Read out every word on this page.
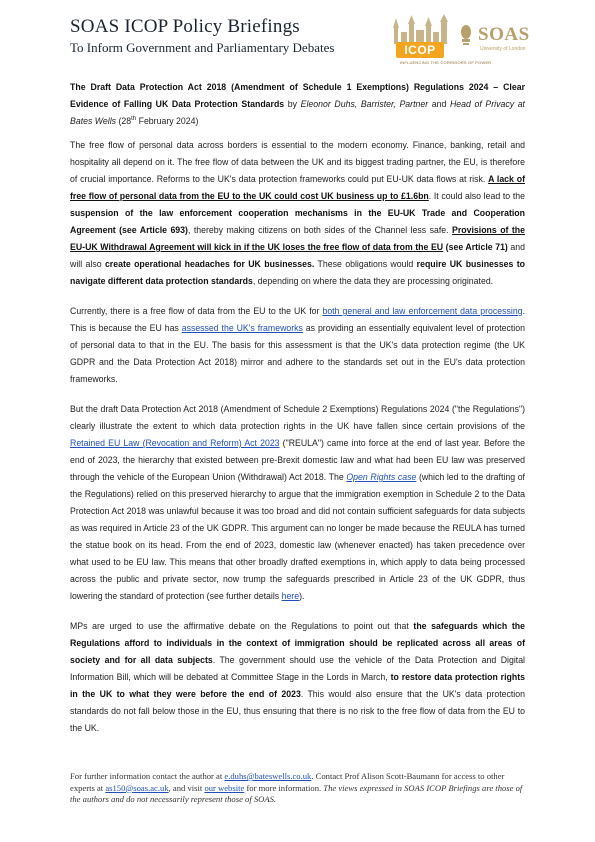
SOAS ICOP Policy Briefings
To Inform Government and Parliamentary Debates	ICOP
INFLUENCING THE CORRIDORS OF POWER
SOAS
University of London

The Draft Data Protection Act 2018 (Amendment of Schedule 1 Exemptions) Regulations 2024 – Clear Evidence of Falling UK Data Protection Standards by Eleonor Duhs, Barrister, Partner and Head of Privacy at Bates Wells (28th February 2024)

The free flow of personal data across borders is essential to the modern economy. Finance, banking, retail and hospitality all depend on it. The free flow of data between the UK and its biggest trading partner, the EU, is therefore of crucial importance. Reforms to the UK's data protection frameworks could put EU-UK data flows at risk. A lack of free flow of personal data from the EU to the UK could cost UK business up to £1.6bn. It could also lead to the suspension of the law enforcement cooperation mechanisms in the EU-UK Trade and Cooperation Agreement (see Article 693), thereby making citizens on both sides of the Channel less safe. Provisions of the EU-UK Withdrawal Agreement will kick in if the UK loses the free flow of data from the EU (see Article 71) and will also create operational headaches for UK businesses. These obligations would require UK businesses to navigate different data protection standards, depending on where the data they are processing originated.

Currently, there is a free flow of data from the EU to the UK for both general and law enforcement data processing. This is because the EU has assessed the UK's frameworks as providing an essentially equivalent level of protection of personal data to that in the EU. The basis for this assessment is that the UK's data protection regime (the UK GDPR and the Data Protection Act 2018) mirror and adhere to the standards set out in the EU's data protection frameworks.

But the draft Data Protection Act 2018 (Amendment of Schedule 2 Exemptions) Regulations 2024 ("the Regulations") clearly illustrate the extent to which data protection rights in the UK have fallen since certain provisions of the Retained EU Law (Revocation and Reform) Act 2023 ("REULA") came into force at the end of last year. Before the end of 2023, the hierarchy that existed between pre-Brexit domestic law and what had been EU law was preserved through the vehicle of the European Union (Withdrawal) Act 2018. The Open Rights case (which led to the drafting of the Regulations) relied on this preserved hierarchy to argue that the immigration exemption in Schedule 2 to the Data Protection Act 2018 was unlawful because it was too broad and did not contain sufficient safeguards for data subjects as was required in Article 23 of the UK GDPR. This argument can no longer be made because the REULA has turned the statue book on its head. From the end of 2023, domestic law (whenever enacted) has taken precedence over what used to be EU law. This means that other broadly drafted exemptions in, which apply to data being processed across the public and private sector, now trump the safeguards prescribed in Article 23 of the UK GDPR, thus lowering the standard of protection (see further details here).

MPs are urged to use the affirmative debate on the Regulations to point out that the safeguards which the Regulations afford to individuals in the context of immigration should be replicated across all areas of society and for all data subjects. The government should use the vehicle of the Data Protection and Digital Information Bill, which will be debated at Committee Stage in the Lords in March, to restore data protection rights in the UK to what they were before the end of 2023. This would also ensure that the UK's data protection standards do not fall below those in the EU, thus ensuring that there is no risk to the free flow of data from the EU to the UK.

For further information contact the author at e.duhs@bateswells.co.uk. Contact Prof Alison Scott-Baumann for access to other experts at as150@soas.ac.uk, and visit our website for more information. The views expressed in SOAS ICOP Briefings are those of the authors and do not necessarily represent those of SOAS.
